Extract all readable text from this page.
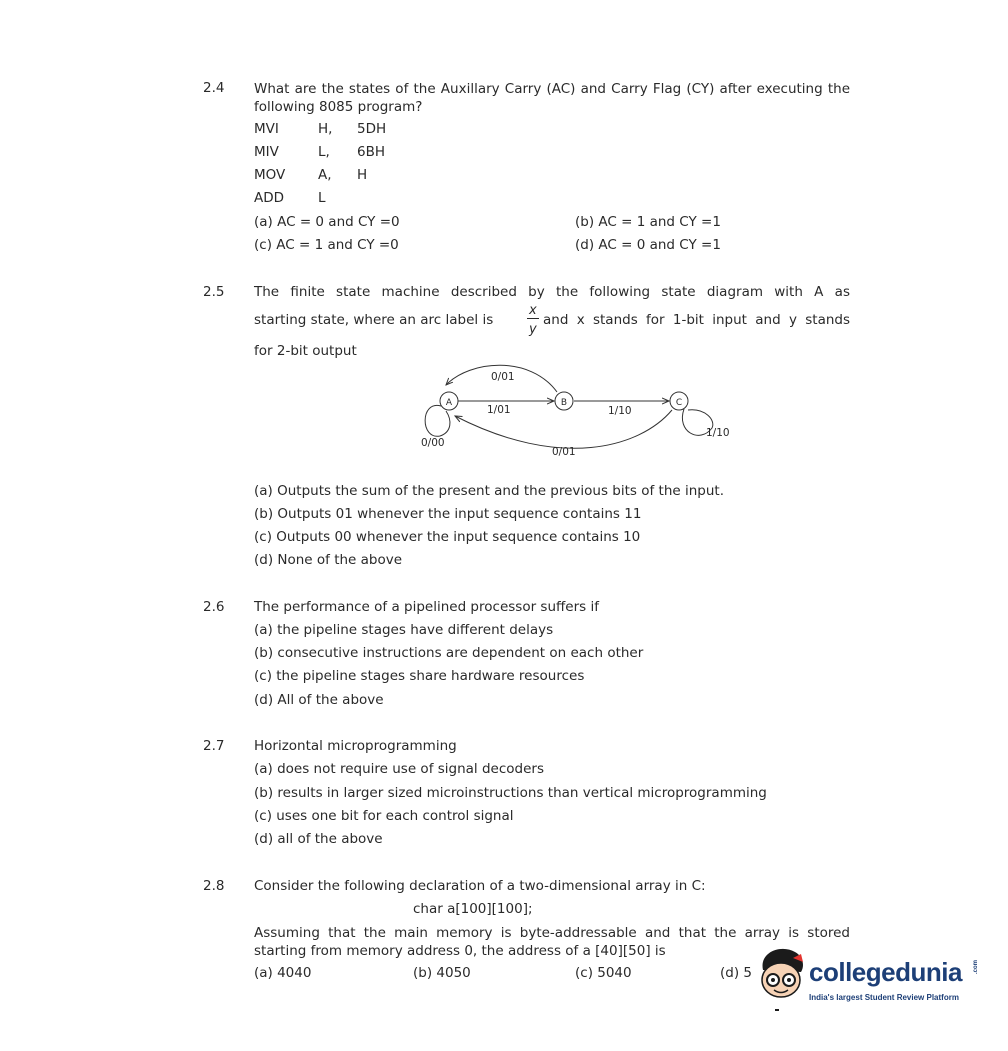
2.4 What are the states of the Auxillary Carry (AC) and Carry Flag (CY) after executing the following 8085 program?
MVI	H, 5DH
MIV	L, 6BH
MOV A, H
ADD	L
(a) AC = 0 and CY =0	(b) AC = 1 and CY =1
(c) AC = 1 and CY =0	(d) AC = 0 and CY =1
2.5 The finite state machine described by the following state diagram with A as
starting state, where an arc label is
x
y
and x stands for 1-bit input and y stands
for 2-bit output
A	B	C
0/01
1/01	1/10
1/10
0/00
0/01
(a) Outputs the sum of the present and the previous bits of the input.
(b) Outputs 01 whenever the input sequence contains 11
(c) Outputs 00 whenever the input sequence contains 10
(d) None of the above
2.6 The performance of a pipelined processor suffers if
(a) the pipeline stages have different delays
(b) consecutive instructions are dependent on each other
(c) the pipeline stages share hardware resources
(d) All of the above
2.7 Horizontal microprogramming
(a) does not require use of signal decoders
(b) results in larger sized microinstructions than vertical microprogramming
(c) uses one bit for each control signal
(d) all of the above
2.8 Consider the following declaration of a two-dimensional array in C:
char a[100][100];
Assuming that the main memory is byte-addressable and that the array is stored starting from memory address 0, the address of a [40][50] is
(a) 4040	(b) 4050	(c) 5040	(d) 5 collegedunia .com
India's largest Student Review Platform
